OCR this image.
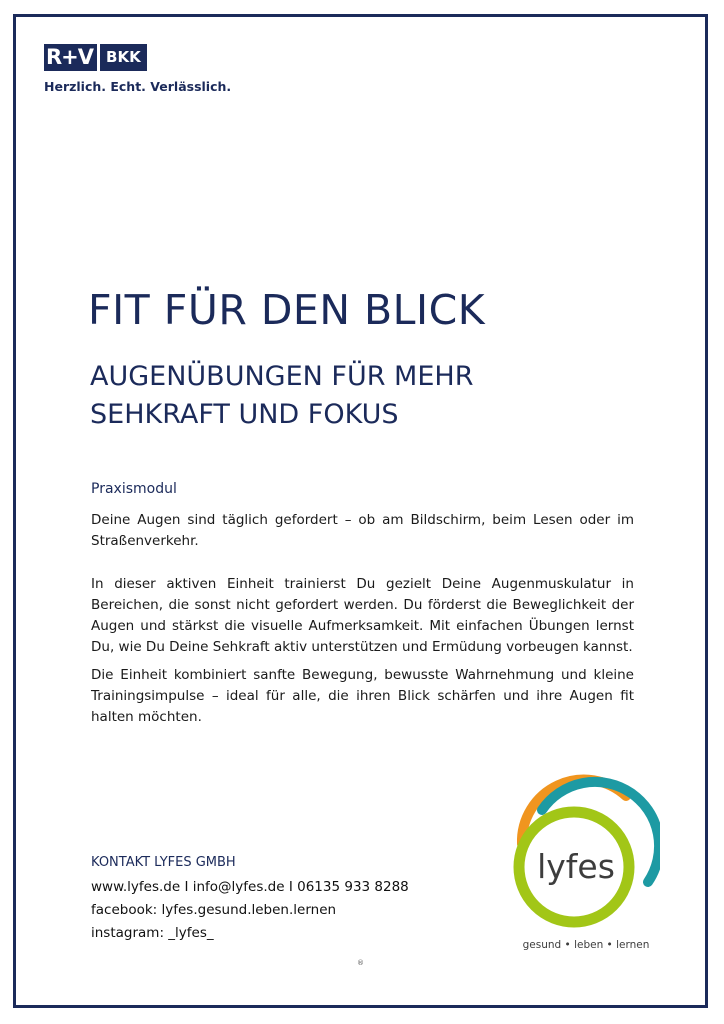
R+V BKK
Herzlich. Echt. Verlässlich.
FIT FÜR DEN BLICK
AUGENÜBUNGEN FÜR MEHR
SEHKRAFT UND FOKUS
Praxismodul

Deine Augen sind täglich gefordert – ob am Bildschirm, beim Lesen oder im Straßenverkehr.

In dieser aktiven Einheit trainierst Du gezielt Deine Augenmuskulatur in Bereichen, die sonst nicht gefordert werden. Du förderst die Beweglichkeit der Augen und stärkst die visuelle Aufmerksamkeit. Mit einfachen Übungen lernst Du, wie Du Deine Sehkraft aktiv unterstützen und Ermüdung vorbeugen kannst.

Die Einheit kombiniert sanfte Bewegung, bewusste Wahrnehmung und kleine Trainingsimpulse – ideal für alle, die ihren Blick schärfen und ihre Augen fit halten möchten.

KONTAKT LYFES GMBH
www.lyfes.de I info@lyfes.de I 06135 933 8288
facebook: lyfes.gesund.leben.lernen
instagram: _lyfes_
lyfes
gesund • leben • lernen
®
